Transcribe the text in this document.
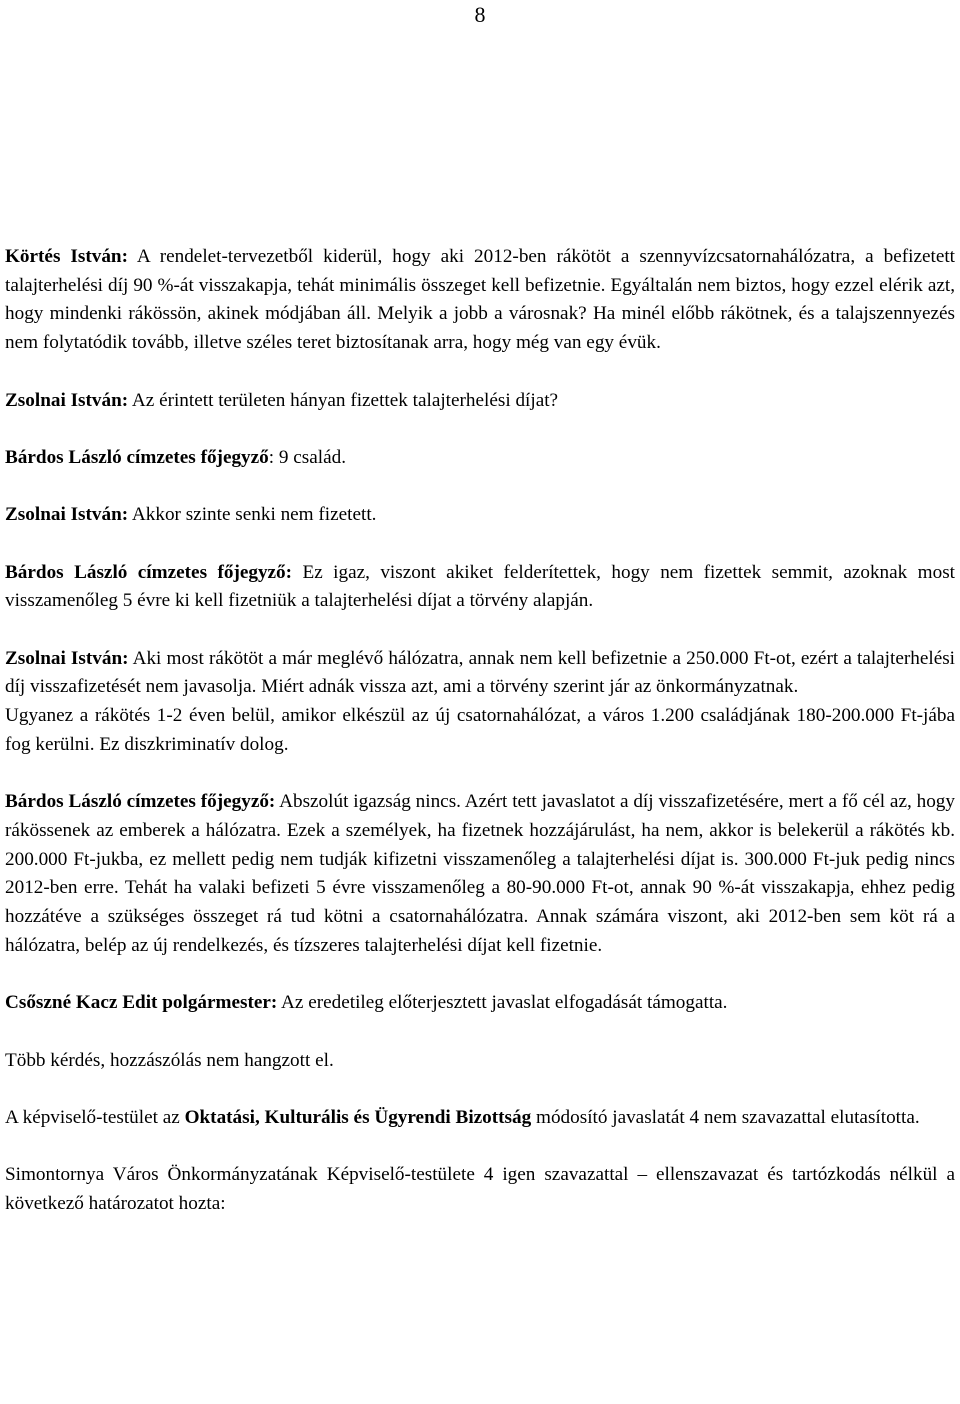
8

Körtés István: A rendelet-tervezetből kiderül, hogy aki 2012-ben rákötöt a szennyvízcsatornahálózatra, a befizetett talajterhelési díj 90 %-át visszakapja, tehát minimális összeget kell befizetnie. Egyáltalán nem biztos, hogy ezzel elérik azt, hogy mindenki rákössön, akinek módjában áll. Melyik a jobb a városnak? Ha minél előbb rákötnek, és a talajszennyezés nem folytatódik tovább, illetve széles teret biztosítanak arra, hogy még van egy évük.

Zsolnai István: Az érintett területen hányan fizettek talajterhelési díjat?

Bárdos László címzetes főjegyző: 9 család.

Zsolnai István: Akkor szinte senki nem fizetett.

Bárdos László címzetes főjegyző: Ez igaz, viszont akiket felderítettek, hogy nem fizettek semmit, azoknak most visszamenőleg 5 évre ki kell fizetniük a talajterhelési díjat a törvény alapján.

Zsolnai István: Aki most rákötöt a már meglévő hálózatra, annak nem kell befizetnie a 250.000 Ft-ot, ezért a talajterhelési díj visszafizetését nem javasolja. Miért adnák vissza azt, ami a törvény szerint jár az önkormányzatnak.

Ugyanez a rákötés 1-2 éven belül, amikor elkészül az új csatornahálózat, a város 1.200 családjának 180-200.000 Ft-jába fog kerülni. Ez diszkriminatív dolog.

Bárdos László címzetes főjegyző: Abszolút igazság nincs. Azért tett javaslatot a díj visszafizetésére, mert a fő cél az, hogy rákössenek az emberek a hálózatra. Ezek a személyek, ha fizetnek hozzájárulást, ha nem, akkor is belekerül a rákötés kb. 200.000 Ft-jukba, ez mellett pedig nem tudják kifizetni visszamenőleg a talajterhelési díjat is. 300.000 Ft-juk pedig nincs 2012-ben erre. Tehát ha valaki befizeti 5 évre visszamenőleg a 80-90.000 Ft-ot, annak 90 %-át visszakapja, ehhez pedig hozzátéve a szükséges összeget rá tud kötni a csatornahálózatra. Annak számára viszont, aki 2012-ben sem köt rá a hálózatra, belép az új rendelkezés, és tízszeres talajterhelési díjat kell fizetnie.

Csőszné Kacz Edit polgármester: Az eredetileg előterjesztett javaslat elfogadását támogatta.

Több kérdés, hozzászólás nem hangzott el.

A képviselő-testület az Oktatási, Kulturális és Ügyrendi Bizottság módosító javaslatát 4 nem szavazattal elutasította.

Simontornya Város Önkormányzatának Képviselő-testülete 4 igen szavazattal – ellenszavazat és tartózkodás nélkül a következő határozatot hozta:
